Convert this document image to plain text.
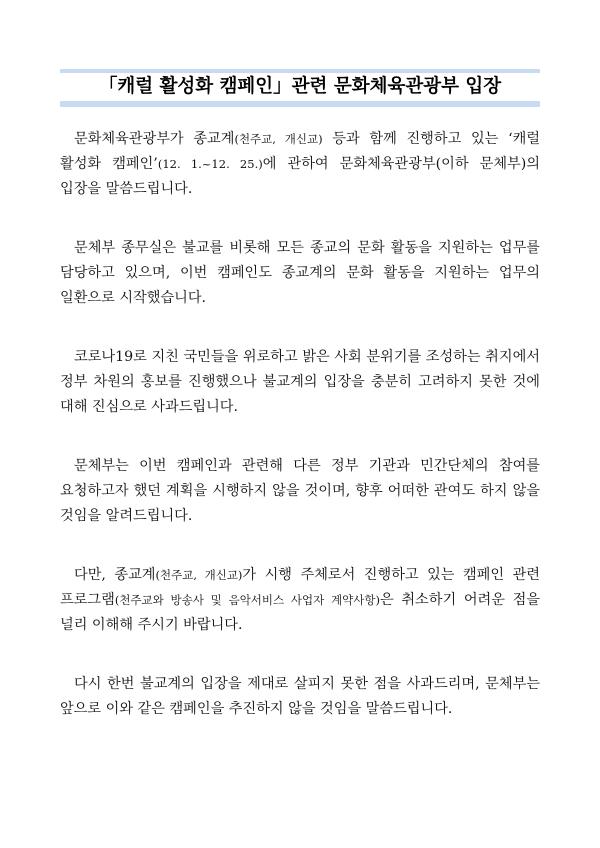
「캐럴 활성화 캠페인」관련 문화체육관광부 입장

문화체육관광부가 종교계(천주교, 개신교) 등과 함께 진행하고 있는 ‘캐럴 활성화 캠페인’(12. 1.~12. 25.)에 관하여 문화체육관광부(이하 문체부)의 입장을 말씀드립니다.

문체부 종무실은 불교를 비롯해 모든 종교의 문화 활동을 지원하는 업무를 담당하고 있으며, 이번 캠페인도 종교계의 문화 활동을 지원하는 업무의 일환으로 시작했습니다.

코로나19로 지친 국민들을 위로하고 밝은 사회 분위기를 조성하는 취지에서 정부 차원의 홍보를 진행했으나 불교계의 입장을 충분히 고려하지 못한 것에 대해 진심으로 사과드립니다.

문체부는 이번 캠페인과 관련해 다른 정부 기관과 민간단체의 참여를 요청하고자 했던 계획을 시행하지 않을 것이며, 향후 어떠한 관여도 하지 않을 것임을 알려드립니다.

다만, 종교계(천주교, 개신교)가 시행 주체로서 진행하고 있는 캠페인 관련 프로그램(천주교와 방송사 및 음악서비스 사업자 계약사항)은 취소하기 어려운 점을 널리 이해해 주시기 바랍니다.

다시 한번 불교계의 입장을 제대로 살피지 못한 점을 사과드리며, 문체부는 앞으로 이와 같은 캠페인을 추진하지 않을 것임을 말씀드립니다.
